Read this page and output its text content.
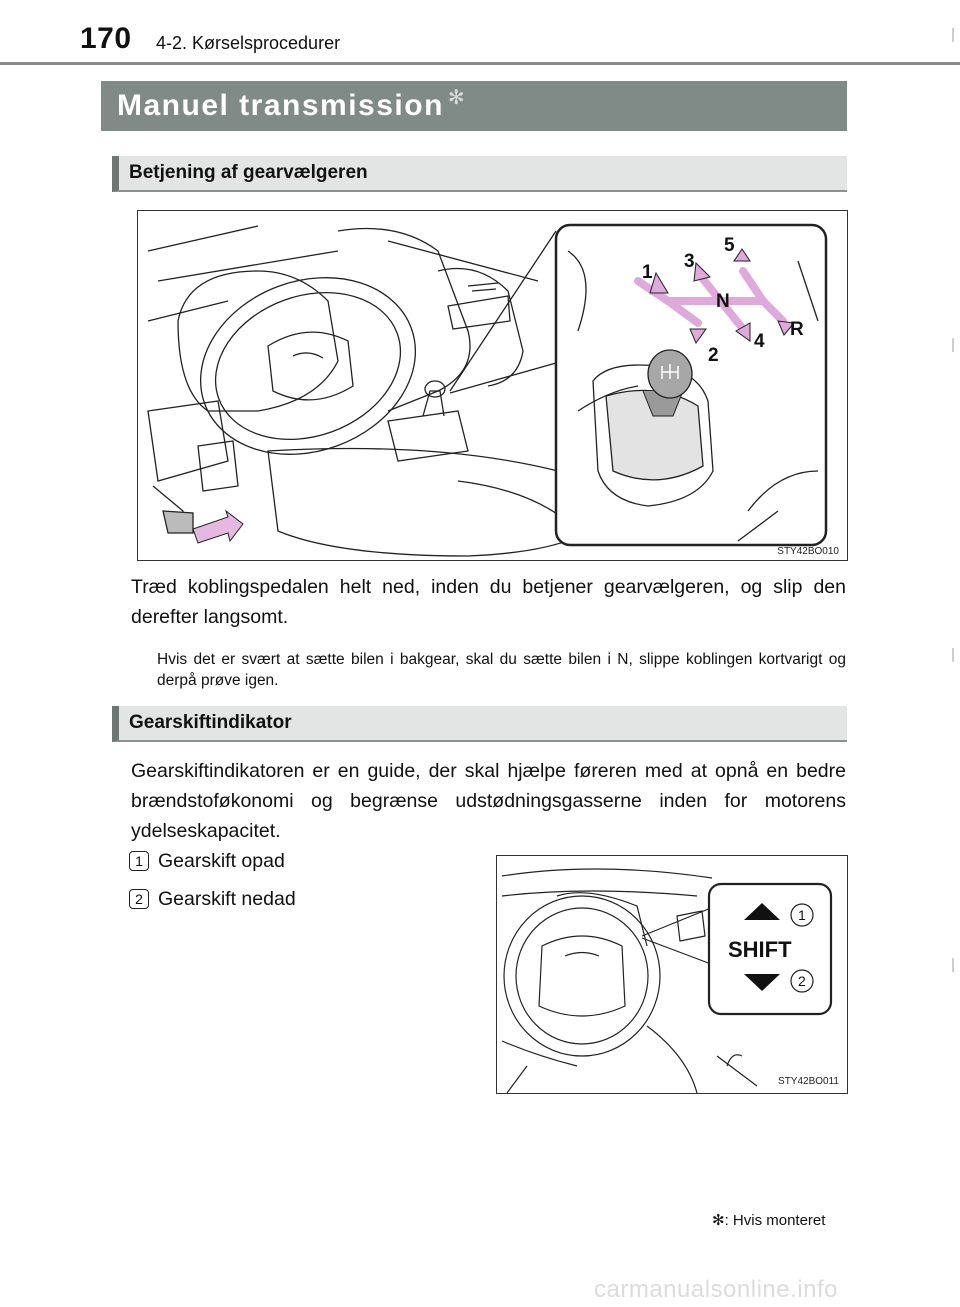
170 4-2. Kørselsprocedurer
Manuel transmission ✻
Betjening af gearvælgeren
1
2
3
4
5
N
R
STY42BO010
Træd koblingspedalen helt ned, inden du betjener gearvælgeren, og slip den derefter langsomt.
Hvis det er svært at sætte bilen i bakgear, skal du sætte bilen i N, slippe koblingen kortvarigt og derpå prøve igen.
Gearskiftindikator
Gearskiftindikatoren er en guide, der skal hjælpe føreren med at opnå en bedre brændstoføkonomi og begrænse udstødningsgasserne inden for motorens ydelseskapacitet.
1 Gearskift opad
2 Gearskift nedad
SHIFT
1
2
STY42BO011
✻: Hvis monteret
carmanualsonline.info
